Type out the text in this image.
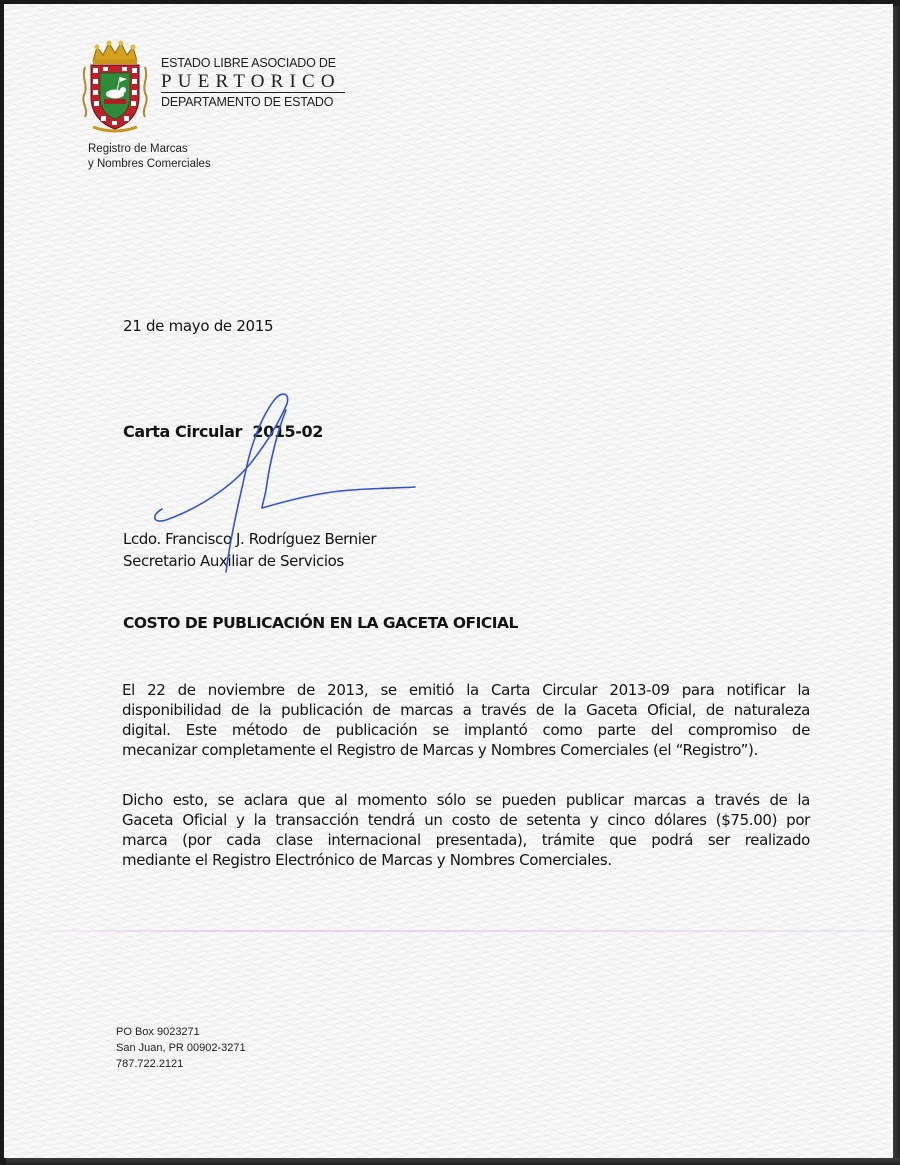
ESTADO LIBRE ASOCIADO DE
PUERTORICO
DEPARTAMENTO DE ESTADO
Registro de Marcas
y Nombres Comerciales
21 de mayo de 2015
Carta Circular  2015-02
Lcdo. Francisco J. Rodríguez Bernier
Secretario Auxiliar de Servicios
COSTO DE PUBLICACIÓN EN LA GACETA OFICIAL
El 22 de noviembre de 2013, se emitió la Carta Circular 2013-09 para notificar la
disponibilidad de la publicación de marcas a través de la Gaceta Oficial, de naturaleza
digital. Este método de publicación se implantó como parte del compromiso de
mecanizar completamente el Registro de Marcas y Nombres Comerciales (el “Registro”).
Dicho esto, se aclara que al momento sólo se pueden publicar marcas a través de la
Gaceta Oficial y la transacción tendrá un costo de setenta y cinco dólares ($75.00) por
marca (por cada clase internacional presentada), trámite que podrá ser realizado
mediante el Registro Electrónico de Marcas y Nombres Comerciales.
PO Box 9023271
San Juan, PR 00902-3271
787.722.2121
